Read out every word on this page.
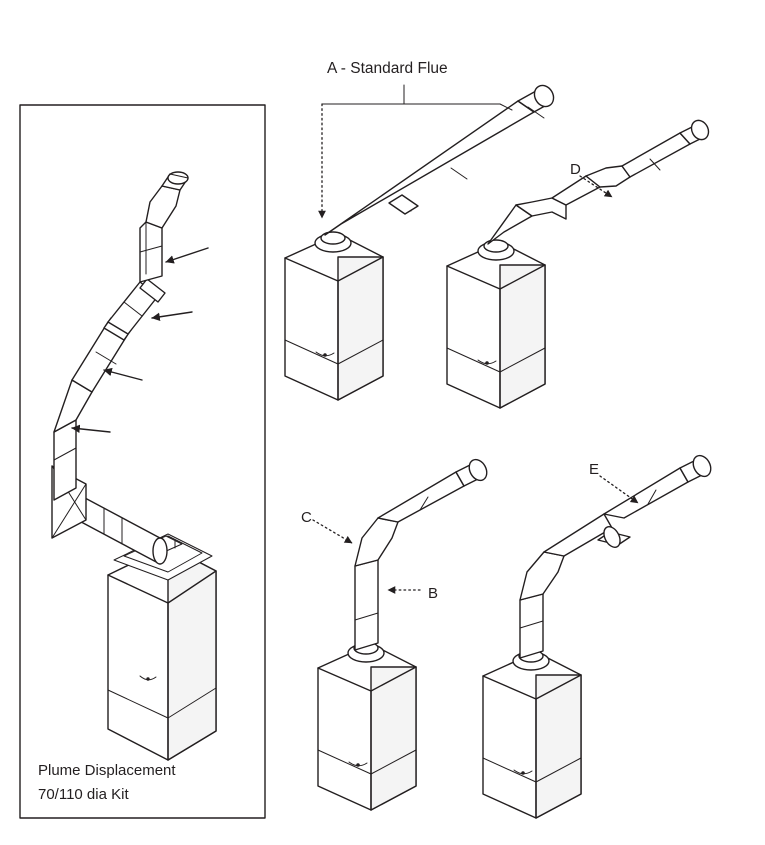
A - Standard Flue
D
C
B
E
Plume Displacement
70/110 dia Kit
